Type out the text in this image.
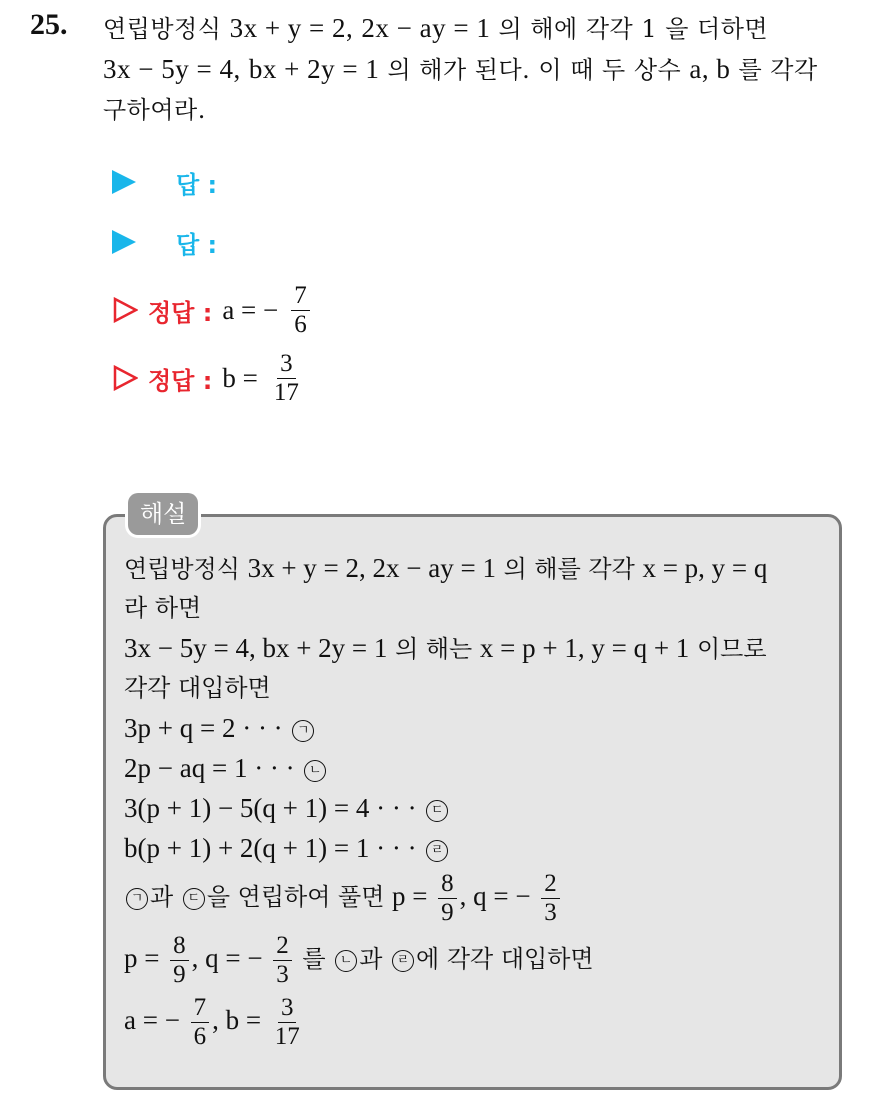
25. 연립방정식 3x + y = 2, 2x − ay = 1 의 해에 각각 1 을 더하면
3x − 5y = 4, bx + 2y = 1 의 해가 된다. 이 때 두 상수 a, b 를 각각
구하여라.
답 :
답 :
정답 : a = − $\frac{7}{6}$
정답 : $b = \frac{3}{17}$
해설
연립방정식 3x + y = 2, 2x − ay = 1 의 해를 각각 x = p, y = q
라 하면
3x − 5y = 4, bx + 2y = 1 의 해는 x = p + 1, y = q + 1 이므로
각각 대입하면
3p + q = 2 · · · ㄱ
2p − aq = 1 · · · ㄴ
3(p + 1) − 5(q + 1) = 4 · · · ㄷ
b(p + 1) + 2(q + 1) = 1 · · · ㄹ
ㄱ 과 ㄷ 을 연립하여 풀면 $p = \frac{8}{9}$ , q = − $\frac{2}{3}$
$p = \frac{8}{9}$ , q = − $\frac{2}{3}$ 를 ㄴ 과 ㄹ 에 각각 대입하면
a = − $\frac{7}{6}$ , $b = \frac{3}{17}$
